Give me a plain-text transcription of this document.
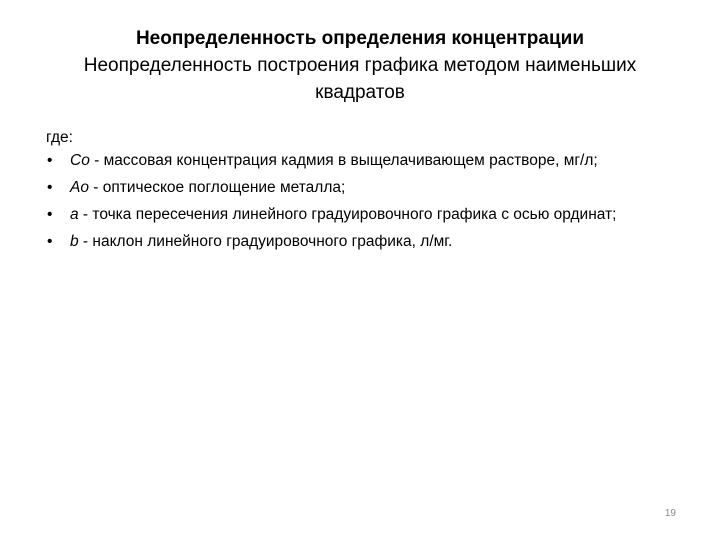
Неопределенность определения концентрации
Неопределенность построения графика методом наименьших квадратов
где:
• Co - массовая концентрация кадмия в выщелачивающем растворе, мг/л;
• Ao - оптическое поглощение металла;
• a - точка пересечения линейного градуировочного графика с осью ординат;
• b - наклон линейного градуировочного графика, л/мг.
19
